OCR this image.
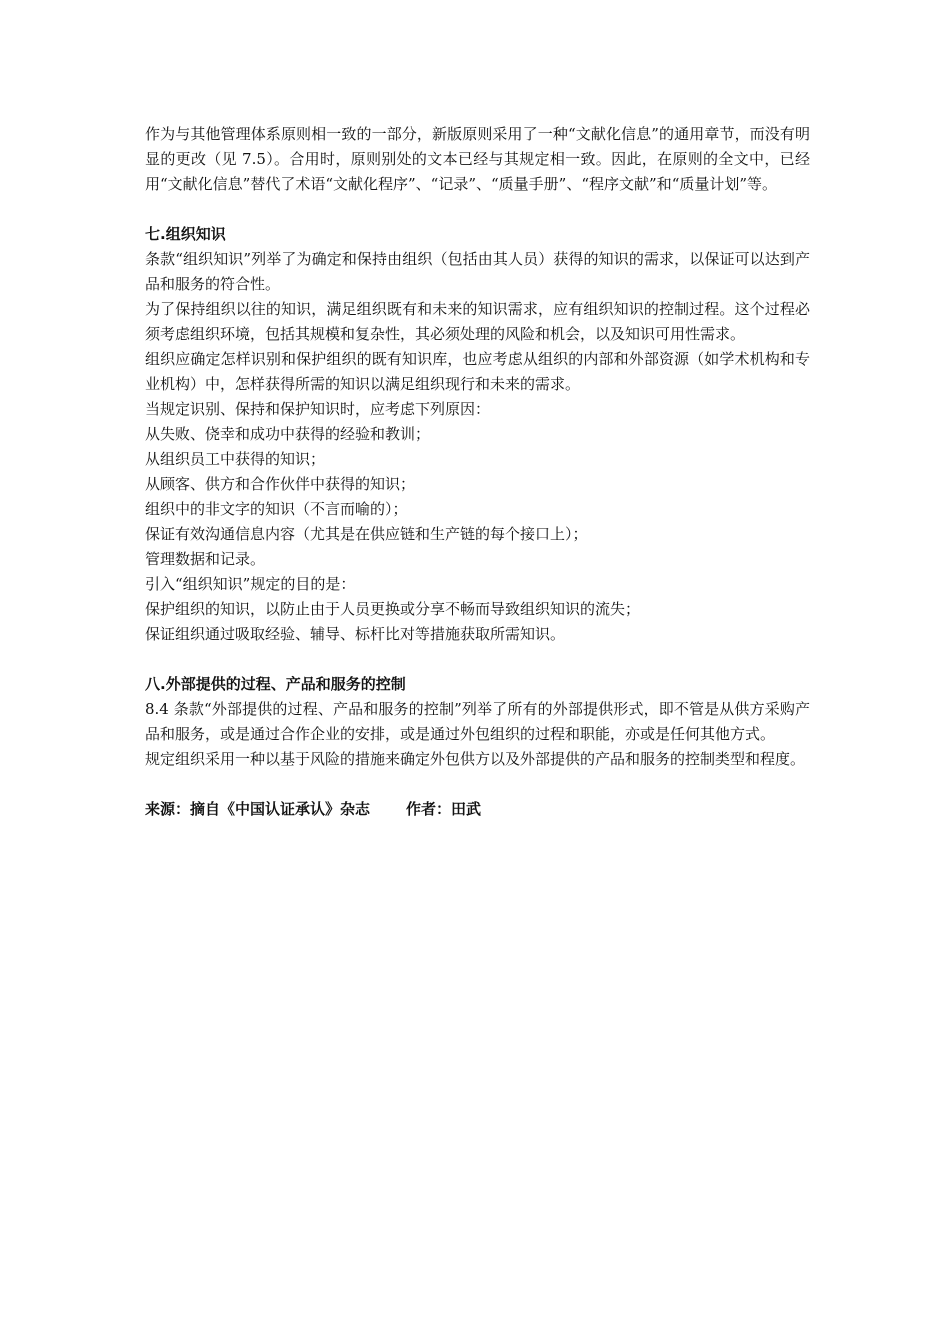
作为与其他管理体系原则相一致的一部分，新版原则采用了一种“文献化信息”的通用章节，而没有明显的更改（见 7.5）。合用时，原则别处的文本已经与其规定相一致。因此，在原则的全文中，已经用“文献化信息”替代了术语“文献化程序”、“记录”、“质量手册”、“程序文献”和“质量计划”等。

七.组织知识

条款“组织知识”列举了为确定和保持由组织（包括由其人员）获得的知识的需求，以保证可以达到产品和服务的符合性。

为了保持组织以往的知识，满足组织既有和未来的知识需求，应有组织知识的控制过程。这个过程必须考虑组织环境，包括其规模和复杂性，其必须处理的风险和机会，以及知识可用性需求。

组织应确定怎样识别和保护组织的既有知识库，也应考虑从组织的内部和外部资源（如学术机构和专业机构）中，怎样获得所需的知识以满足组织现行和未来的需求。

当规定识别、保持和保护知识时，应考虑下列原因：

从失败、侥幸和成功中获得的经验和教训；

从组织员工中获得的知识；

从顾客、供方和合作伙伴中获得的知识；

组织中的非文字的知识（不言而喻的）；

保证有效沟通信息内容（尤其是在供应链和生产链的每个接口上）；

管理数据和记录。

引入“组织知识”规定的目的是：

保护组织的知识，以防止由于人员更换或分享不畅而导致组织知识的流失；

保证组织通过吸取经验、辅导、标杆比对等措施获取所需知识。

八.外部提供的过程、产品和服务的控制

8.4 条款“外部提供的过程、产品和服务的控制”列举了所有的外部提供形式，即不管是从供方采购产品和服务，或是通过合作企业的安排，或是通过外包组织的过程和职能，亦或是任何其他方式。

规定组织采用一种以基于风险的措施来确定外包供方以及外部提供的产品和服务的控制类型和程度。

来源：摘自《中国认证承认》杂志 作者：田武
